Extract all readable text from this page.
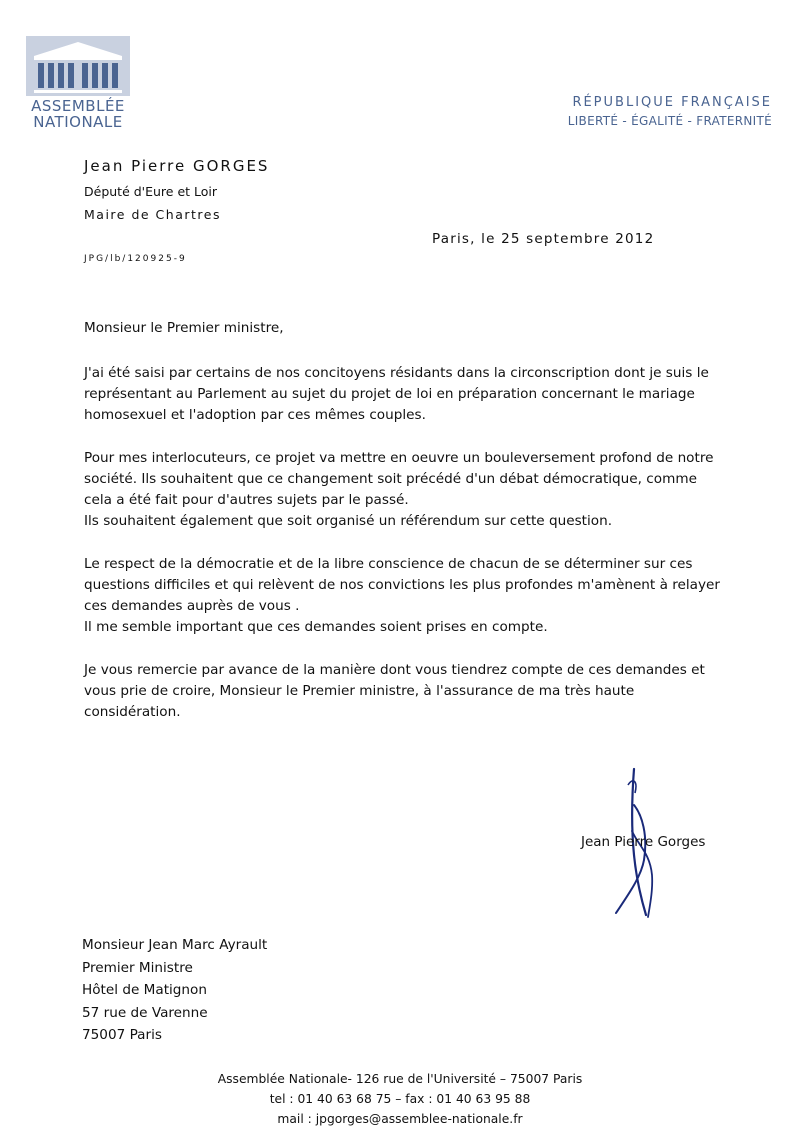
ASSEMBLÉE
NATIONALE
RÉPUBLIQUE FRANÇAISE
LIBERTÉ - ÉGALITÉ - FRATERNITÉ
Jean Pierre GORGES
Député d'Eure et Loir
Maire de Chartres
Paris, le 25 septembre 2012
JPG/lb/120925-9

Monsieur le Premier ministre,

J'ai été saisi par certains de nos concitoyens résidants dans la circonscription dont je suis le
représentant au Parlement au sujet du projet de loi en préparation concernant le mariage
homosexuel et l'adoption par ces mêmes couples.

Pour mes interlocuteurs, ce projet va mettre en oeuvre un bouleversement profond de notre
société. Ils souhaitent que ce changement soit précédé d'un débat démocratique, comme
cela a été fait pour d'autres sujets par le passé.
Ils souhaitent également que soit organisé un référendum sur cette question.

Le respect de la démocratie et de la libre conscience de chacun de se déterminer sur ces
questions difficiles et qui relèvent de nos convictions les plus profondes m'amènent à relayer
ces demandes auprès de vous .
Il me semble important que ces demandes soient prises en compte.

Je vous remercie par avance de la manière dont vous tiendrez compte de ces demandes et
vous prie de croire, Monsieur le Premier ministre, à l'assurance de ma très haute
considération.

Jean Pierre Gorges
Monsieur Jean Marc Ayrault
Premier Ministre
Hôtel de Matignon
57 rue de Varenne
75007 Paris
Assemblée Nationale- 126 rue de l'Université – 75007 Paris
tel : 01 40 63 68 75 – fax : 01 40 63 95 88
mail : jpgorges@assemblee-nationale.fr
